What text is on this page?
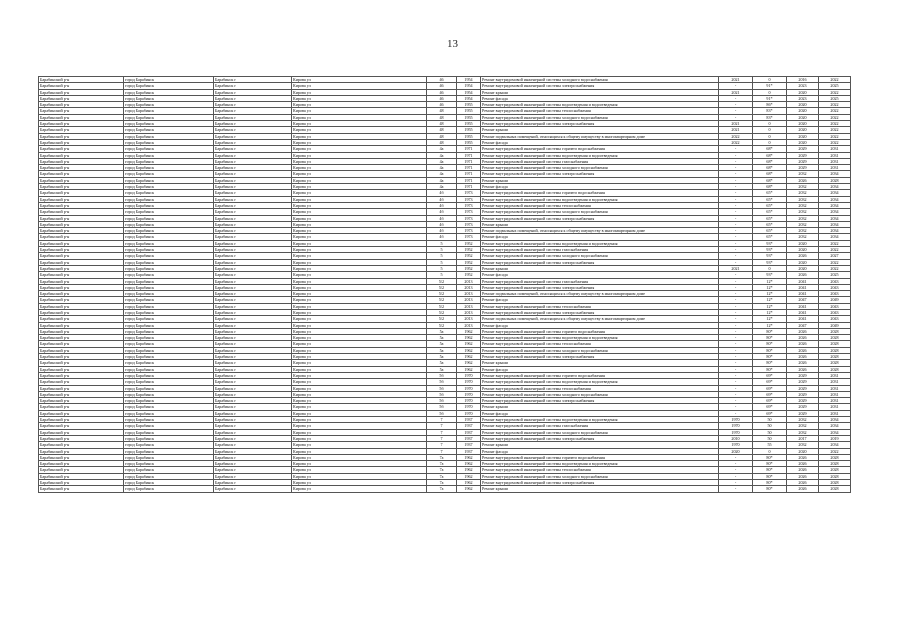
13
Барабинский р-н	город Барабинск	Барабинск г	Кирова ул	46	1954	Ремонт внутридомовой инженерной системы холодного водоснабжения	2021	0	2016	2022
Барабинский р-н	город Барабинск	Барабинск г	Кирова ул	46	1954	Ремонт внутридомовой инженерной системы электроснабжения	-	91*	2023	2025
Барабинский р-н	город Барабинск	Барабинск г	Кирова ул	46	1954	Ремонт крыши	2021	0	2020	2022
Барабинский р-н	город Барабинск	Барабинск г	Кирова ул	46	1954	Ремонт фасада	-	91*	2023	2025
Барабинский р-н	город Барабинск	Барабинск г	Кирова ул	46	1955	Ремонт внутридомовой инженерной системы водоотведения и водоотведения	-	86*	2020	2022
Барабинский р-н	город Барабинск	Барабинск г	Кирова ул	48	1955	Ремонт внутридомовой инженерной системы теплоснабжения	-	83*	2020	2022
Барабинский р-н	город Барабинск	Барабинск г	Кирова ул	48	1955	Ремонт внутридомовой инженерной системы холодного водоснабжения	-	83*	2020	2022
Барабинский р-н	город Барабинск	Барабинск г	Кирова ул	48	1955	Ремонт внутридомовой инженерной системы электроснабжения	2021	0	2020	2022
Барабинский р-н	город Барабинск	Барабинск г	Кирова ул	48	1955	Ремонт крыши	2021	0	2020	2022
Барабинский р-н	город Барабинск	Барабинск г	Кирова ул	48	1955	Ремонт подвальных помещений, относящихся к общему имуществу в многоквартирном доме	2022	0	2020	2022
Барабинский р-н	город Барабинск	Барабинск г	Кирова ул	48	1955	Ремонт фасада	2022	0	2020	2022
Барабинский р-н	город Барабинск	Барабинск г	Кирова ул	4а	1971	Ремонт внутридомовой инженерной системы горячего водоснабжения	-	68*	2029	2031
Барабинский р-н	город Барабинск	Барабинск г	Кирова ул	4а	1971	Ремонт внутридомовой инженерной системы водоотведения и водоотведения	-	68*	2029	2031
Барабинский р-н	город Барабинск	Барабинск г	Кирова ул	4а	1971	Ремонт внутридомовой инженерной системы газоснабжения	-	68*	2029	2031
Барабинский р-н	город Барабинск	Барабинск г	Кирова ул	4а	1971	Ремонт внутридомовой инженерной системы холодного водоснабжения	-	68*	2029	2031
Барабинский р-н	город Барабинск	Барабинск г	Кирова ул	4а	1971	Ремонт внутридомовой инженерной системы электроснабжения	-	68*	2032	2034
Барабинский р-н	город Барабинск	Барабинск г	Кирова ул	4а	1971	Ремонт крыши	-	68*	2026	2028
Барабинский р-н	город Барабинск	Барабинск г	Кирова ул	4а	1971	Ремонт фасада	-	68*	2032	2034
Барабинский р-н	город Барабинск	Барабинск г	Кирова ул	4б	1973	Ремонт внутридомовой инженерной системы горячего водоснабжения	-	65*	2032	2034
Барабинский р-н	город Барабинск	Барабинск г	Кирова ул	4б	1973	Ремонт внутридомовой инженерной системы водоотведения и водоотведения	-	65*	2032	2034
Барабинский р-н	город Барабинск	Барабинск г	Кирова ул	4б	1973	Ремонт внутридомовой инженерной системы теплоснабжения	-	65*	2032	2034
Барабинский р-н	город Барабинск	Барабинск г	Кирова ул	4б	1973	Ремонт внутридомовой инженерной системы холодного водоснабжения	-	65*	2032	2034
Барабинский р-н	город Барабинск	Барабинск г	Кирова ул	4б	1973	Ремонт внутридомовой инженерной системы электроснабжения	-	65*	2032	2034
Барабинский р-н	город Барабинск	Барабинск г	Кирова ул	4б	1973	Ремонт крыши	-	65*	2032	2034
Барабинский р-н	город Барабинск	Барабинск г	Кирова ул	4б	1973	Ремонт подвальных помещений, относящихся к общему имуществу в многоквартирном доме	-	65*	2032	2034
Барабинский р-н	город Барабинск	Барабинск г	Кирова ул	4б	1973	Ремонт фасада	-	65*	2032	2034
Барабинский р-н	город Барабинск	Барабинск г	Кирова ул	5	1952	Ремонт внутридомовой инженерной системы водоотведения и водоотведения	-	93*	2020	2022
Барабинский р-н	город Барабинск	Барабинск г	Кирова ул	5	1952	Ремонт внутридомовой инженерной системы газоснабжения	-	93*	2020	2022
Барабинский р-н	город Барабинск	Барабинск г	Кирова ул	5	1952	Ремонт внутридомовой инженерной системы холодного водоснабжения	-	93*	2026	2027
Барабинский р-н	город Барабинск	Барабинск г	Кирова ул	5	1952	Ремонт внутридомовой инженерной системы электроснабжения	-	93*	2020	2022
Барабинский р-н	город Барабинск	Барабинск г	Кирова ул	5	1952	Ремонт крыши	2021	0	2020	2022
Барабинский р-н	город Барабинск	Барабинск г	Кирова ул	5	1952	Ремонт фасада	-	93*	2026	2025
Барабинский р-н	город Барабинск	Барабинск г	Кирова ул	5/2	2013	Ремонт внутридомовой инженерной системы газоснабжения	-	12*	2041	2043
Барабинский р-н	город Барабинск	Барабинск г	Кирова ул	5/2	2013	Ремонт внутридомовой инженерной системы электроснабжения	-	12*	2041	2043
Барабинский р-н	город Барабинск	Барабинск г	Кирова ул	5/2	2013	Ремонт подвальных помещений, относящихся к общему имуществу в многоквартирном доме	-	12*	2041	2043
Барабинский р-н	город Барабинск	Барабинск г	Кирова ул	5/2	2013	Ремонт фасада	-	12*	2047	2049
Барабинский р-н	город Барабинск	Барабинск г	Кирова ул	5/2	2013	Ремонт внутридомовой инженерной системы теплоснабжения	-	12*	2041	2043
Барабинский р-н	город Барабинск	Барабинск г	Кирова ул	5/2	2013	Ремонт внутридомовой инженерной системы электроснабжения	-	12*	2041	2043
Барабинский р-н	город Барабинск	Барабинск г	Кирова ул	5/2	2013	Ремонт подвальных помещений, относящихся к общему имуществу в многоквартирном доме	-	12*	2041	2043
Барабинский р-н	город Барабинск	Барабинск г	Кирова ул	5/2	2013	Ремонт фасада	-	12*	2047	2049
Барабинский р-н	город Барабинск	Барабинск г	Кирова ул	5а	1962	Ремонт внутридомовой инженерной системы горячего водоснабжения	-	80*	2026	2028
Барабинский р-н	город Барабинск	Барабинск г	Кирова ул	5а	1962	Ремонт внутридомовой инженерной системы водоотведения и водоотведения	-	80*	2026	2028
Барабинский р-н	город Барабинск	Барабинск г	Кирова ул	5а	1962	Ремонт внутридомовой инженерной системы теплоснабжения	-	80*	2026	2028
Барабинский р-н	город Барабинск	Барабинск г	Кирова ул	5а	1962	Ремонт внутридомовой инженерной системы холодного водоснабжения	-	80*	2026	2028
Барабинский р-н	город Барабинск	Барабинск г	Кирова ул	5а	1962	Ремонт внутридомовой инженерной системы электроснабжения	-	80*	2026	2028
Барабинский р-н	город Барабинск	Барабинск г	Кирова ул	5а	1962	Ремонт крыши	-	80*	2026	2028
Барабинский р-н	город Барабинск	Барабинск г	Кирова ул	5а	1962	Ремонт фасада	-	80*	2026	2028
Барабинский р-н	город Барабинск	Барабинск г	Кирова ул	5б	1970	Ремонт внутридомовой инженерной системы горячего водоснабжения	-	69*	2029	2031
Барабинский р-н	город Барабинск	Барабинск г	Кирова ул	5б	1970	Ремонт внутридомовой инженерной системы водоотведения и водоотведения	-	69*	2029	2031
Барабинский р-н	город Барабинск	Барабинск г	Кирова ул	5б	1970	Ремонт внутридомовой инженерной системы теплоснабжения	-	69*	2029	2031
Барабинский р-н	город Барабинск	Барабинск г	Кирова ул	5б	1970	Ремонт внутридомовой инженерной системы холодного водоснабжения	-	69*	2029	2031
Барабинский р-н	город Барабинск	Барабинск г	Кирова ул	5б	1970	Ремонт внутридомовой инженерной системы электроснабжения	-	69*	2029	2031
Барабинский р-н	город Барабинск	Барабинск г	Кирова ул	5б	1970	Ремонт крыши	-	69*	2029	2031
Барабинский р-н	город Барабинск	Барабинск г	Кирова ул	5б	1970	Ремонт фасада	-	69*	2029	2031
Барабинский р-н	город Барабинск	Барабинск г	Кирова ул	7	1937	Ремонт внутридомовой инженерной системы водоотведения и водоотведения	1970	50	2032	2034
Барабинский р-н	город Барабинск	Барабинск г	Кирова ул	7	1937	Ремонт внутридомовой инженерной системы газоснабжения	1970	50	2032	2034
Барабинский р-н	город Барабинск	Барабинск г	Кирова ул	7	1937	Ремонт внутридомовой инженерной системы холодного водоснабжения	1970	50	2032	2034
Барабинский р-н	город Барабинск	Барабинск г	Кирова ул	7	1937	Ремонт внутридомовой инженерной системы электроснабжения	2010	50	2017	2019
Барабинский р-н	город Барабинск	Барабинск г	Кирова ул	7	1937	Ремонт крыши	1970	55	2032	2034
Барабинский р-н	город Барабинск	Барабинск г	Кирова ул	7	1937	Ремонт фасада	2020	0	2020	2022
Барабинский р-н	город Барабинск	Барабинск г	Кирова ул	7а	1962	Ремонт внутридомовой инженерной системы горячего водоснабжения	-	80*	2026	2028
Барабинский р-н	город Барабинск	Барабинск г	Кирова ул	7а	1962	Ремонт внутридомовой инженерной системы водоотведения и водоотведения	-	80*	2026	2028
Барабинский р-н	город Барабинск	Барабинск г	Кирова ул	7а	1962	Ремонт внутридомовой инженерной системы теплоснабжения	-	80*	2026	2028
Барабинский р-н	город Барабинск	Барабинск г	Кирова ул	7а	1962	Ремонт внутридомовой инженерной системы холодного водоснабжения	-	80*	2026	2028
Барабинский р-н	город Барабинск	Барабинск г	Кирова ул	7а	1962	Ремонт внутридомовой инженерной системы электроснабжения	-	80*	2026	2028
Барабинский р-н	город Барабинск	Барабинск г	Кирова ул	7а	1962	Ремонт крыши	-	80*	2026	2028
